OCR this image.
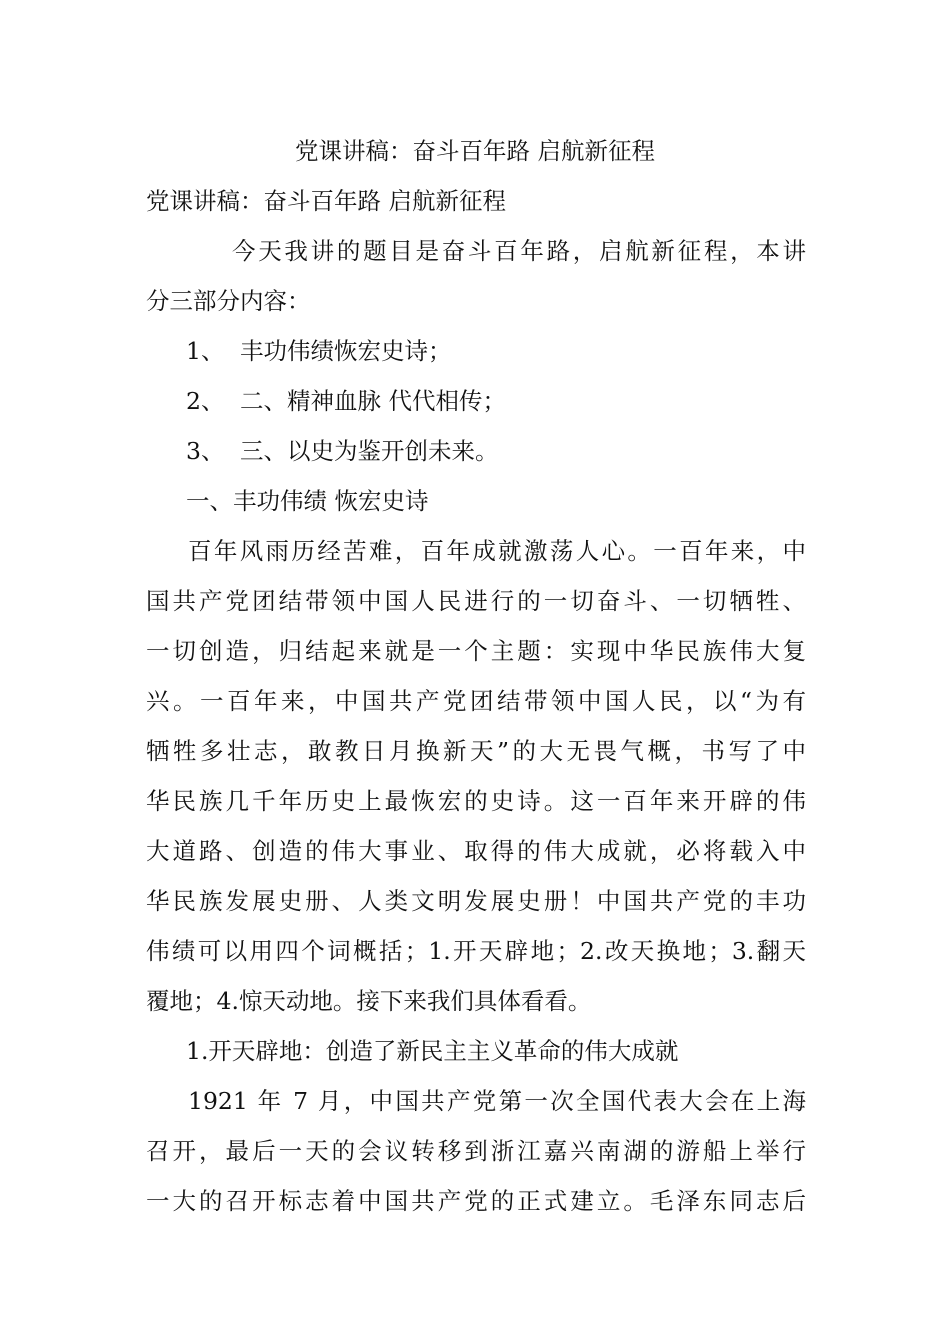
党课讲稿：奋斗百年路 启航新征程
党课讲稿：奋斗百年路 启航新征程
今天我讲的题目是奋斗百年路，启航新征程，本讲
分三部分内容：
1、 丰功伟绩恢宏史诗；
2、 二、精神血脉 代代相传；
3、 三、以史为鉴开创未来。
一、丰功伟绩 恢宏史诗
百年风雨历经苦难，百年成就激荡人心。一百年来，中
国共产党团结带领中国人民进行的一切奋斗、一切牺牲、
一切创造，归结起来就是一个主题：实现中华民族伟大复
兴。一百年来，中国共产党团结带领中国人民，以“为有
牺牲多壮志，敢教日月换新天”的大无畏气概，书写了中
华民族几千年历史上最恢宏的史诗。这一百年来开辟的伟
大道路、创造的伟大事业、取得的伟大成就，必将载入中
华民族发展史册、人类文明发展史册！中国共产党的丰功
伟绩可以用四个词概括；1.开天辟地；2.改天换地；3.翻天
覆地；4.惊天动地。接下来我们具体看看。
1.开天辟地：创造了新民主主义革命的伟大成就
1921 年 7 月，中国共产党第一次全国代表大会在上海
召开，最后一天的会议转移到浙江嘉兴南湖的游船上举行
一大的召开标志着中国共产党的正式建立。毛泽东同志后
